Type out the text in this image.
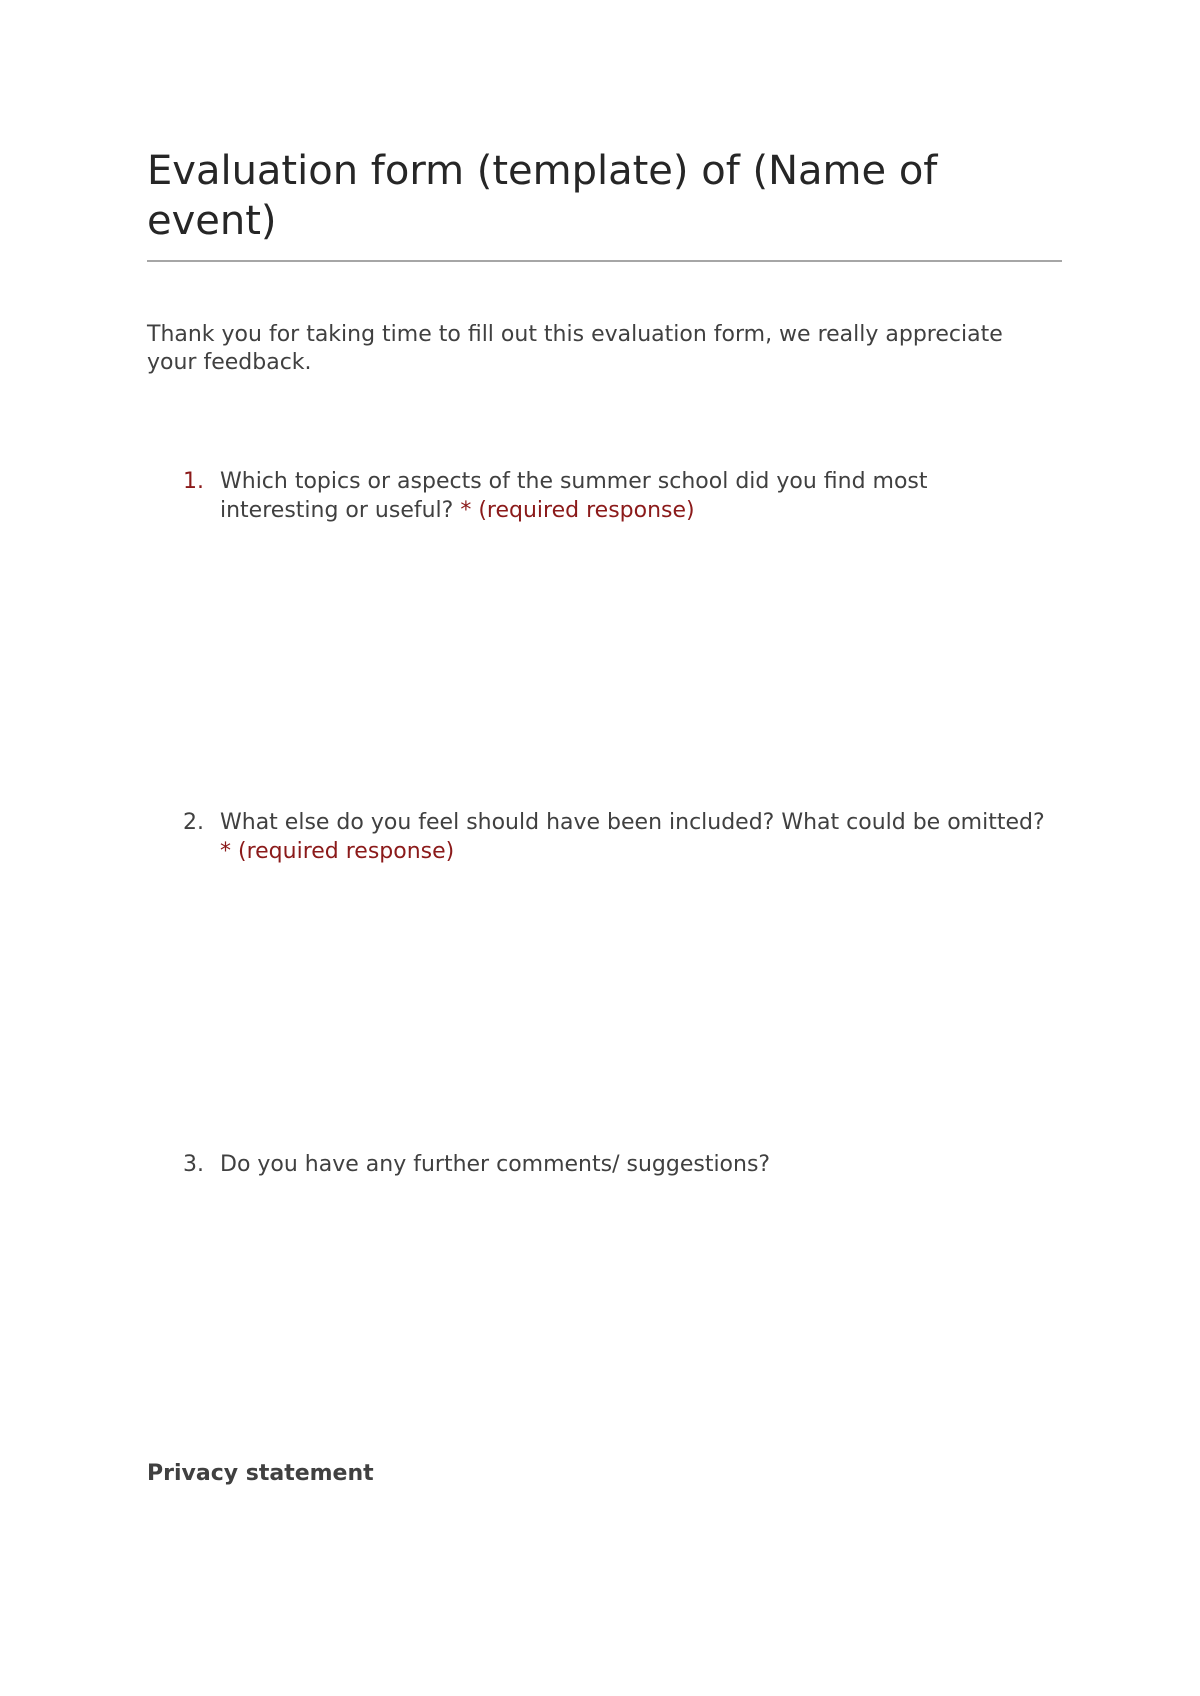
Evaluation form (template) of (Name of event)

Thank you for taking time to fill out this evaluation form, we really appreciate your feedback.

1. Which topics or aspects of the summer school did you find most interesting or useful? * (required response)
2. What else do you feel should have been included? What could be omitted? * (required response)
3. Do you have any further comments/ suggestions?

Privacy statement
